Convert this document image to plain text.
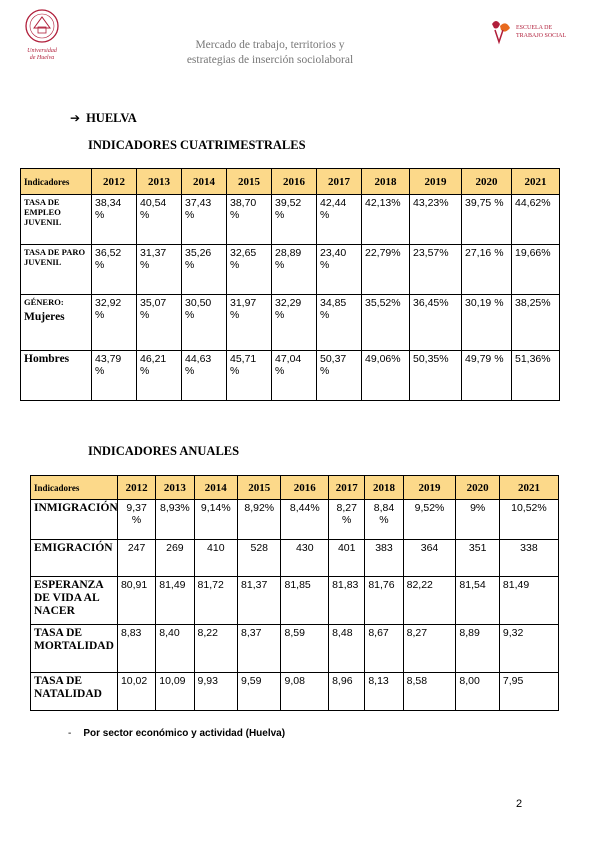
Universidad
de Huelva
Mercado de trabajo, territorios y
estrategias de inserción sociolaboral
ESCUELA DE
TRABAJO SOCIAL
➔ HUELVA
INDICADORES CUATRIMESTRALES
Indicadores	2012	2013	2014	2015	2016	2017	2018	2019	2020	2021
TASA DE EMPLEO JUVENIL	38,34 %	40,54 %	37,43 %	38,70 %	39,52 %	42,44 %	42,13%	43,23%	39,75 %	44,62%
TASA DE PARO JUVENIL	36,52 %	31,37 %	35,26 %	32,65 %	28,89 %	23,40 %	22,79%	23,57%	27,16 %	19,66%

GÉNERO:
Mujeres	32,92 %	35,07 %	30,50 %	31,97 %	32,29 %	34,85 %	35,52%	36,45%	30,19 %	38,25%
Hombres	43,79 %	46,21 %	44,63 %	45,71 %	47,04 %	50,37 %	49,06%	50,35%	49,79 %	51,36%
INDICADORES ANUALES
Indicadores	2012	2013	2014	2015	2016	2017	2018	2019	2020	2021
INMIGRACIÓN	9,37 %	8,93%	9,14%	8,92%	8,44%	8,27 %	8,84 %	9,52%	9%	10,52%
EMIGRACIÓN	247	269	410	528	430	401	383	364	351	338
ESPERANZA DE VIDA AL NACER	80,91	81,49	81,72	81,37	81,85	81,83	81,76	82,22	81,54	81,49
TASA DE MORTALIDAD	8,83	8,40	8,22	8,37	8,59	8,48	8,67	8,27	8,89	9,32
TASA DE NATALIDAD	10,02	10,09	9,93	9,59	9,08	8,96	8,13	8,58	8,00	7,95
- Por sector económico y actividad (Huelva)
2
